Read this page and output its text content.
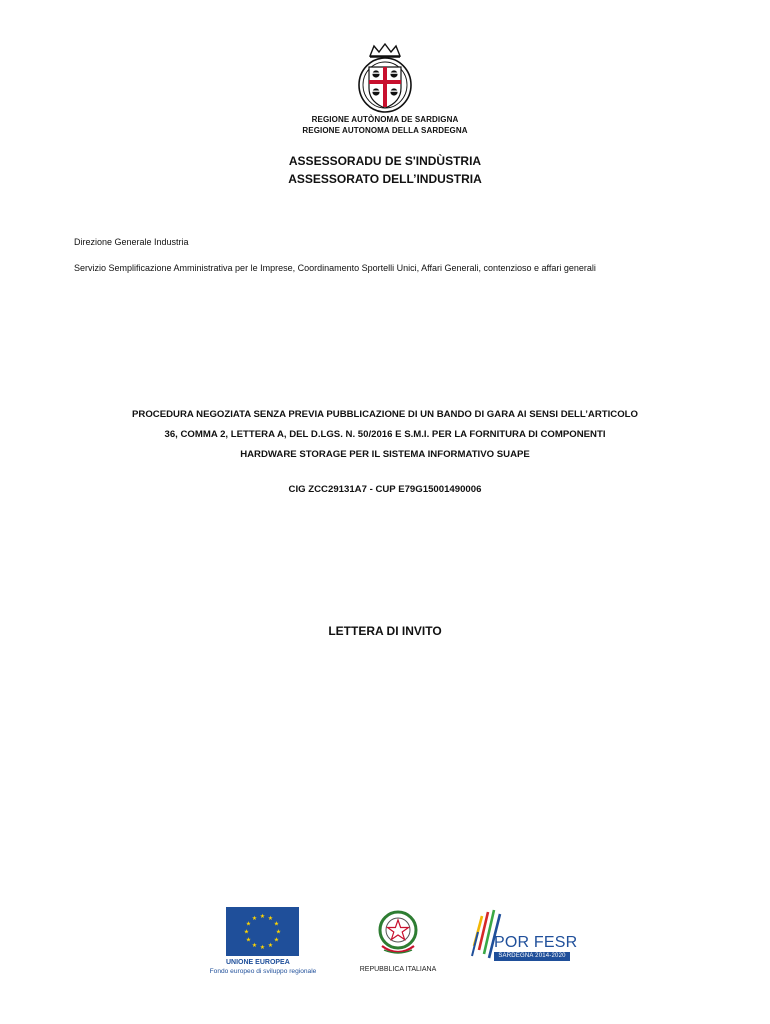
REGIONE AUTÒNOMA DE SARDIGNA
REGIONE AUTONOMA DELLA SARDEGNA
ASSESSORADU DE S'INDÙSTRIA
ASSESSORATO DELL’INDUSTRIA
Direzione Generale Industria
Servizio Semplificazione Amministrativa per le Imprese, Coordinamento Sportelli Unici, Affari Generali, contenzioso e affari generali
PROCEDURA NEGOZIATA SENZA PREVIA PUBBLICAZIONE DI UN BANDO DI GARA AI SENSI DELL’ARTICOLO
36, COMMA 2, LETTERA A, DEL D.LGS. N. 50/2016 E S.M.I. PER LA FORNITURA DI COMPONENTI
HARDWARE STORAGE PER IL SISTEMA INFORMATIVO SUAPE
CIG ZCC29131A7 - CUP E79G15001490006
LETTERA DI INVITO
★ ★
★
★
★
★
★
★
★
★
★
★
UNIONE EUROPEA
Fondo europeo di sviluppo regionale	REPUBBLICA ITALIANA
POR FESR
SARDEGNA 2014-2020
